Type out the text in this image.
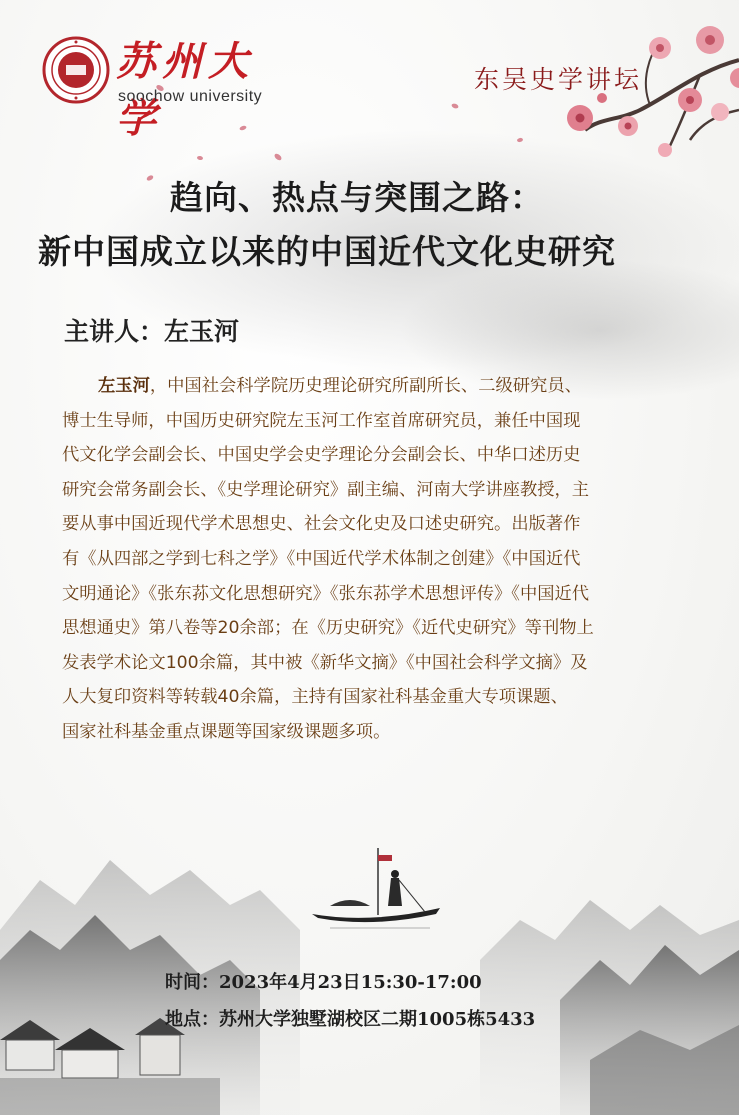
苏州大学
soochow university
东吴史学讲坛
趋向、热点与突围之路：
新中国成立以来的中国近代文化史研究
主讲人：左玉河
左玉河，中国社会科学院历史理论研究所副所长、二级研究员、
博士生导师，中国历史研究院左玉河工作室首席研究员，兼任中国现
代文化学会副会长、中国史学会史学理论分会副会长、中华口述历史
研究会常务副会长、《史学理论研究》副主编、河南大学讲座教授，主
要从事中国近现代学术思想史、社会文化史及口述史研究。出版著作
有《从四部之学到七科之学》《中国近代学术体制之创建》《中国近代
文明通论》《张东荪文化思想研究》《张东荪学术思想评传》《中国近代
思想通史》第八卷等20余部；在《历史研究》《近代史研究》等刊物上
发表学术论文100余篇，其中被《新华文摘》《中国社会科学文摘》及
人大复印资料等转载40余篇，主持有国家社科基金重大专项课题、
国家社科基金重点课题等国家级课题多项。
时间：2023年4月23日15:30-17:00
地点：苏州大学独墅湖校区二期1005栋5433
